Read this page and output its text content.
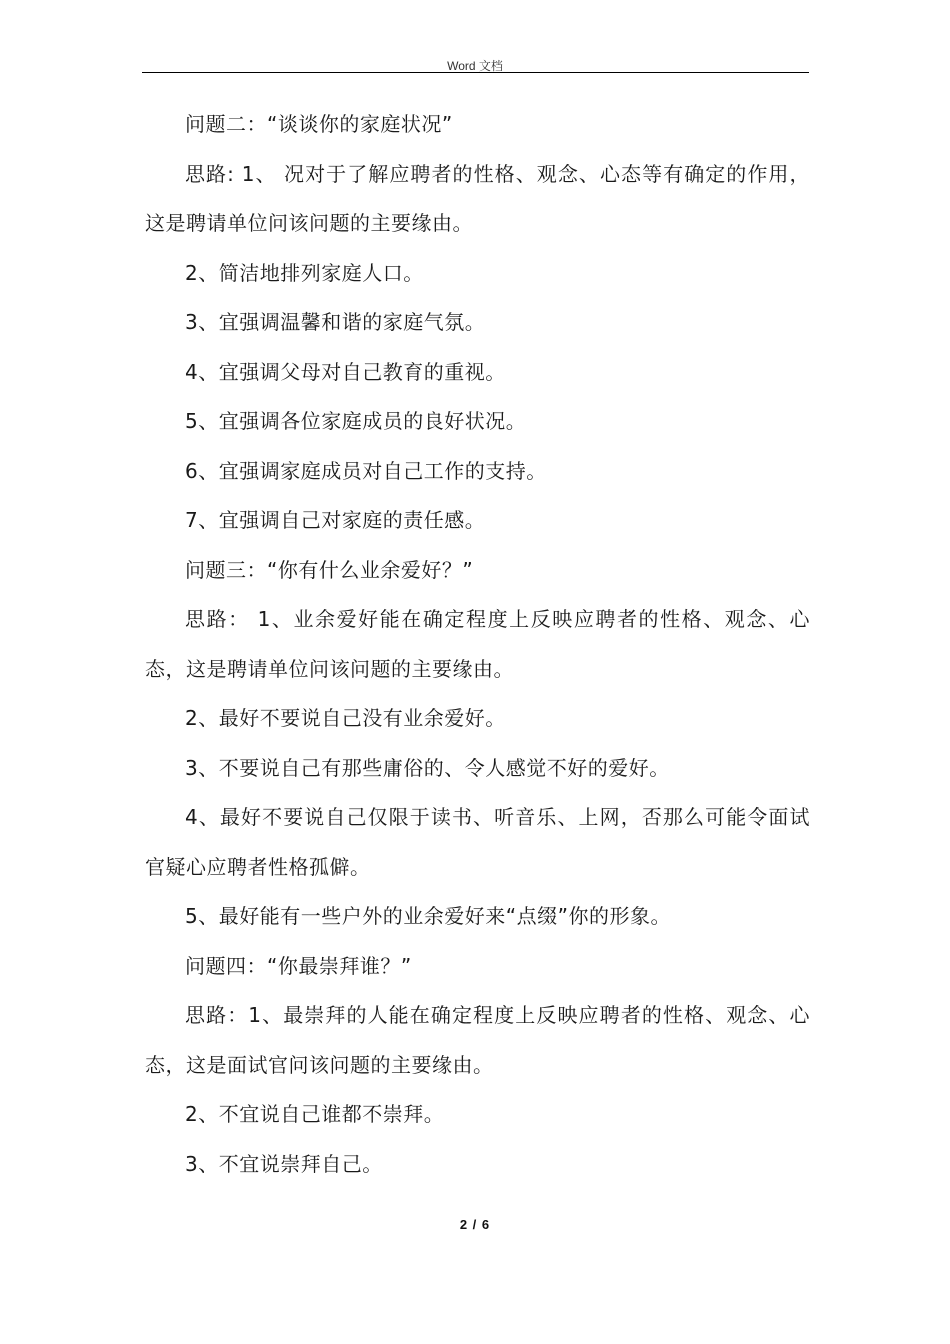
Word 文档

问题二：“谈谈你的家庭状况”

思路: 1、 况对于了解应聘者的性格、观念、心态等有确定的作用，这是聘请单位问该问题的主要缘由。

2、简洁地排列家庭人口。

3、宜强调温馨和谐的家庭气氛。

4、宜强调父母对自己教育的重视。

5、宜强调各位家庭成员的良好状况。

6、宜强调家庭成员对自己工作的支持。

7、宜强调自己对家庭的责任感。

问题三：“你有什么业余爱好？”

思路： 1、业余爱好能在确定程度上反映应聘者的性格、观念、心态，这是聘请单位问该问题的主要缘由。

2、最好不要说自己没有业余爱好。

3、不要说自己有那些庸俗的、令人感觉不好的爱好。

4、最好不要说自己仅限于读书、听音乐、上网，否那么可能令面试官疑心应聘者性格孤僻。

5、最好能有一些户外的业余爱好来“点缀”你的形象。

问题四：“你最崇拜谁？”

思路：1、最崇拜的人能在确定程度上反映应聘者的性格、观念、心态，这是面试官问该问题的主要缘由。

2、不宜说自己谁都不崇拜。

3、不宜说崇拜自己。

2 / 6
